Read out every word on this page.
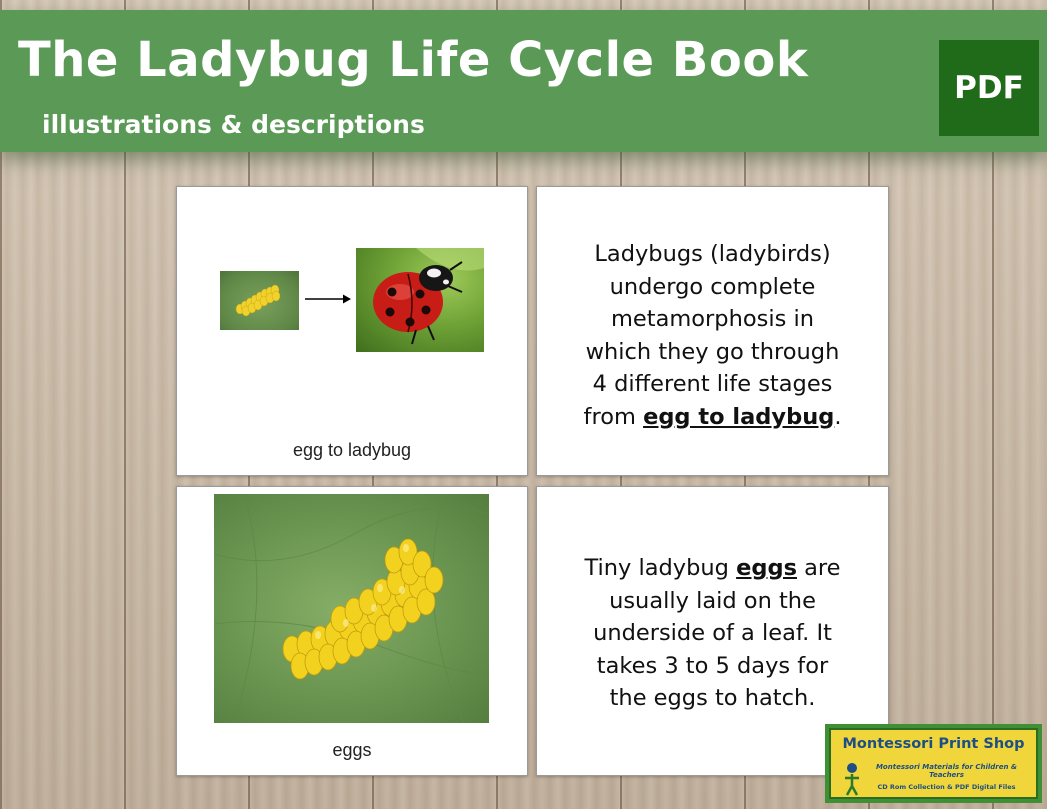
The Ladybug Life Cycle Book
illustrations & descriptions
PDF
egg to ladybug
Ladybugs (ladybirds)
undergo complete
metamorphosis in
which they go through
4 different life stages
from egg to ladybug.
eggs
Tiny ladybug eggs are
usually laid on the
underside of a leaf. It
takes 3 to 5 days for
the eggs to hatch.
Montessori Print Shop
Montessori Materials for Children & Teachers
CD Rom Collection & PDF Digital Files
